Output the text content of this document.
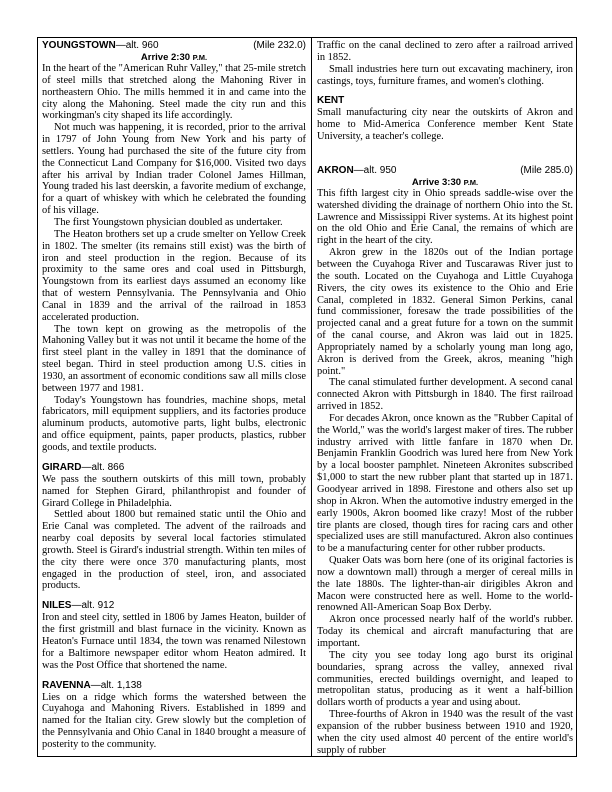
YOUNGSTOWN—alt. 960	(Mile 232.0)
Arrive 2:30 P.M.

In the heart of the "American Ruhr Valley," that 25-mile stretch of steel mills that stretched along the Mahoning River in northeastern Ohio. The mills hemmed it in and came into the city along the Mahoning. Steel made the city run and this workingman's city shaped its life accordingly.

Not much was happening, it is recorded, prior to the arrival in 1797 of John Young from New York and his party of settlers. Young had purchased the site of the future city from the Connecticut Land Company for $16,000. Visited two days after his arrival by Indian trader Colonel James Hillman, Young traded his last deerskin, a favorite medium of exchange, for a quart of whiskey with which he celebrated the founding of his village.

The first Youngstown physician doubled as undertaker.

The Heaton brothers set up a crude smelter on Yellow Creek in 1802. The smelter (its remains still exist) was the birth of iron and steel production in the region. Because of its proximity to the same ores and coal used in Pittsburgh, Youngstown from its earliest days assumed an economy like that of western Pennsylvania. The Pennsylvania and Ohio Canal in 1839 and the arrival of the railroad in 1853 accelerated production.

The town kept on growing as the metropolis of the Mahoning Valley but it was not until it became the home of the first steel plant in the valley in 1891 that the dominance of steel began. Third in steel production among U.S. cities in 1930, an assortment of economic conditions saw all mills close between 1977 and 1981.

Today's Youngstown has foundries, machine shops, metal fabricators, mill equipment suppliers, and its factories produce aluminum products, automotive parts, light bulbs, electronic and office equipment, paints, paper products, plastics, rubber goods, and textile products.

GIRARD—alt. 866

We pass the southern outskirts of this mill town, probably named for Stephen Girard, philanthropist and founder of Girard College in Philadelphia.

Settled about 1800 but remained static until the Ohio and Erie Canal was completed. The advent of the railroads and nearby coal deposits by several local factories stimulated growth. Steel is Girard's industrial strength. Within ten miles of the city there were once 370 manufacturing plants, most engaged in the production of steel, iron, and associated products.

NILES—alt. 912

Iron and steel city, settled in 1806 by James Heaton, builder of the first gristmill and blast furnace in the vicinity. Known as Heaton's Furnace until 1834, the town was renamed Nilestown for a Baltimore newspaper editor whom Heaton admired. It was the Post Office that shortened the name.

RAVENNA—alt. 1,138

Lies on a ridge which forms the watershed between the Cuyahoga and Mahoning Rivers. Established in 1899 and named for the Italian city. Grew slowly but the completion of the Pennsylvania and Ohio Canal in 1840 brought a measure of posterity to the community.

Traffic on the canal declined to zero after a railroad arrived in 1852.

Small industries here turn out excavating machinery, iron castings, toys, furniture frames, and women's clothing.

KENT

Small manufacturing city near the outskirts of Akron and home to Mid-America Conference member Kent State University, a teacher's college.

AKRON—alt. 950	(Mile 285.0)
Arrive 3:30 P.M.

This fifth largest city in Ohio spreads saddle-wise over the watershed dividing the drainage of northern Ohio into the St. Lawrence and Mississippi River systems. At its highest point on the old Ohio and Erie Canal, the remains of which are right in the heart of the city.

Akron grew in the 1820s out of the Indian portage between the Cuyahoga River and Tuscarawas River just to the south. Located on the Cuyahoga and Little Cuyahoga Rivers, the city owes its existence to the Ohio and Erie Canal, completed in 1832. General Simon Perkins, canal fund commissioner, foresaw the trade possibilities of the projected canal and a great future for a town on the summit of the canal course, and Akron was laid out in 1825. Appropriately named by a scholarly young man long ago, Akron is derived from the Greek, akros, meaning "high point."

The canal stimulated further development. A second canal connected Akron with Pittsburgh in 1840. The first railroad arrived in 1852.

For decades Akron, once known as the "Rubber Capital of the World," was the world's largest maker of tires. The rubber industry arrived with little fanfare in 1870 when Dr. Benjamin Franklin Goodrich was lured here from New York by a local booster pamphlet. Nineteen Akronites subscribed $1,000 to start the new rubber plant that started up in 1871. Goodyear arrived in 1898. Firestone and others also set up shop in Akron. When the automotive industry emerged in the early 1900s, Akron boomed like crazy! Most of the rubber tire plants are closed, though tires for racing cars and other specialized uses are still manufactured. Akron also continues to be a manufacturing center for other rubber products.

Quaker Oats was born here (one of its original factories is now a downtown mall) through a merger of cereal mills in the late 1880s. The lighter-than-air dirigibles Akron and Macon were constructed here as well. Home to the world-renowned All-American Soap Box Derby.

Akron once processed nearly half of the world's rubber. Today its chemical and aircraft manufacturing that are important.

The city you see today long ago burst its original boundaries, sprang across the valley, annexed rival communities, erected buildings overnight, and leaped to metropolitan status, producing as it went a half-billion dollars worth of products a year and using about.

Three-fourths of Akron in 1940 was the result of the vast expansion of the rubber business between 1910 and 1920, when the city used almost 40 percent of the entire world's supply of rubber
